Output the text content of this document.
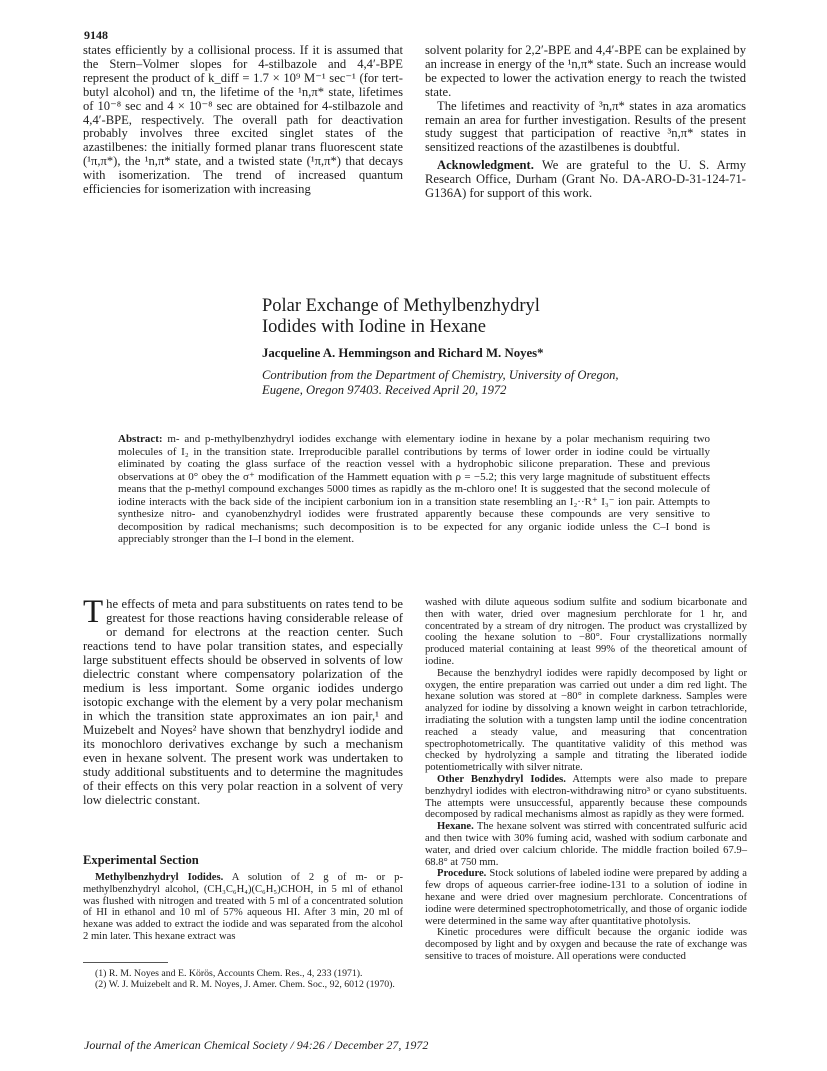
9148

states efficiently by a collisional process. If it is assumed that the Stern–Volmer slopes for 4-stilbazole and 4,4′-BPE represent the product of k_diff = 1.7 × 10⁹ M⁻¹ sec⁻¹ (for tert-butyl alcohol) and τn, the lifetime of the ¹n,π* state, lifetimes of 10⁻⁸ sec and 4 × 10⁻⁸ sec are obtained for 4-stilbazole and 4,4′-BPE, respectively. The overall path for deactivation probably involves three excited singlet states of the azastilbenes: the initially formed planar trans fluorescent state (¹π,π*), the ¹n,π* state, and a twisted state (¹π,π*) that decays with isomerization. The trend of increased quantum efficiencies for isomerization with increasing

solvent polarity for 2,2′-BPE and 4,4′-BPE can be explained by an increase in energy of the ¹n,π* state. Such an increase would be expected to lower the activation energy to reach the twisted state.

The lifetimes and reactivity of ³n,π* states in aza aromatics remain an area for further investigation. Results of the present study suggest that participation of reactive ³n,π* states in sensitized reactions of the azastilbenes is doubtful.

Acknowledgment. We are grateful to the U. S. Army Research Office, Durham (Grant No. DA-ARO-D-31-124-71-G136A) for support of this work.

Polar Exchange of Methylbenzhydryl
Iodides with Iodine in Hexane
Jacqueline A. Hemmingson and Richard M. Noyes*
Contribution from the Department of Chemistry, University of Oregon,
Eugene, Oregon 97403. Received April 20, 1972

Abstract: m- and p-methylbenzhydryl iodides exchange with elementary iodine in hexane by a polar mechanism requiring two molecules of I₂ in the transition state. Irreproducible parallel contributions by terms of lower order in iodine could be virtually eliminated by coating the glass surface of the reaction vessel with a hydrophobic silicone preparation. These and previous observations at 0° obey the σ⁺ modification of the Hammett equation with ρ = −5.2; this very large magnitude of substituent effects means that the p-methyl compound exchanges 5000 times as rapidly as the m-chloro one! It is suggested that the second molecule of iodine interacts with the back side of the incipient carbonium ion in a transition state resembling an I₂··R⁺ I₃⁻ ion pair. Attempts to synthesize nitro- and cyanobenzhydryl iodides were frustrated apparently because these compounds are very sensitive to decomposition by radical mechanisms; such decomposition is to be expected for any organic iodide unless the C–I bond is appreciably stronger than the I–I bond in the element.

The effects of meta and para substituents on rates tend to be greatest for those reactions having considerable release of or demand for electrons at the reaction center. Such reactions tend to have polar transition states, and especially large substituent effects should be observed in solvents of low dielectric constant where compensatory polarization of the medium is less important. Some organic iodides undergo isotopic exchange with the element by a very polar mechanism in which the transition state approximates an ion pair,¹ and Muizebelt and Noyes² have shown that benzhydryl iodide and its monochloro derivatives exchange by such a mechanism even in hexane solvent. The present work was undertaken to study additional substituents and to determine the magnitudes of their effects on this very polar reaction in a solvent of very low dielectric constant.

Experimental Section

Methylbenzhydryl Iodides. A solution of 2 g of m- or p-methylbenzhydryl alcohol, (CH₃C₆H₄)(C₆H₅)CHOH, in 5 ml of ethanol was flushed with nitrogen and treated with 5 ml of a concentrated solution of HI in ethanol and 10 ml of 57% aqueous HI. After 3 min, 20 ml of hexane was added to extract the iodide and was separated from the alcohol 2 min later. This hexane extract was

(1) R. M. Noyes and E. Körös, Accounts Chem. Res., 4, 233 (1971).

(2) W. J. Muizebelt and R. M. Noyes, J. Amer. Chem. Soc., 92, 6012 (1970).

washed with dilute aqueous sodium sulfite and sodium bicarbonate and then with water, dried over magnesium perchlorate for 1 hr, and concentrated by a stream of dry nitrogen. The product was crystallized by cooling the hexane solution to −80°. Four crystallizations normally produced material containing at least 99% of the theoretical amount of iodine.

Because the benzhydryl iodides were rapidly decomposed by light or oxygen, the entire preparation was carried out under a dim red light. The hexane solution was stored at −80° in complete darkness. Samples were analyzed for iodine by dissolving a known weight in carbon tetrachloride, irradiating the solution with a tungsten lamp until the iodine concentration reached a steady value, and measuring that concentration spectrophotometrically. The quantitative validity of this method was checked by hydrolyzing a sample and titrating the liberated iodide potentiometrically with silver nitrate.

Other Benzhydryl Iodides. Attempts were also made to prepare benzhydryl iodides with electron-withdrawing nitro³ or cyano substituents. The attempts were unsuccessful, apparently because these compounds decomposed by radical mechanisms almost as rapidly as they were formed.

Hexane. The hexane solvent was stirred with concentrated sulfuric acid and then twice with 30% fuming acid, washed with sodium carbonate and water, and dried over calcium chloride. The middle fraction boiled 67.9–68.8° at 750 mm.

Procedure. Stock solutions of labeled iodine were prepared by adding a few drops of aqueous carrier-free iodine-131 to a solution of iodine in hexane and were dried over magnesium perchlorate. Concentrations of iodine were determined spectrophotometrically, and those of organic iodide were determined in the same way after quantitative photolysis.

Kinetic procedures were difficult because the organic iodide was decomposed by light and by oxygen and because the rate of exchange was sensitive to traces of moisture. All operations were conducted

Journal of the American Chemical Society / 94:26 / December 27, 1972
